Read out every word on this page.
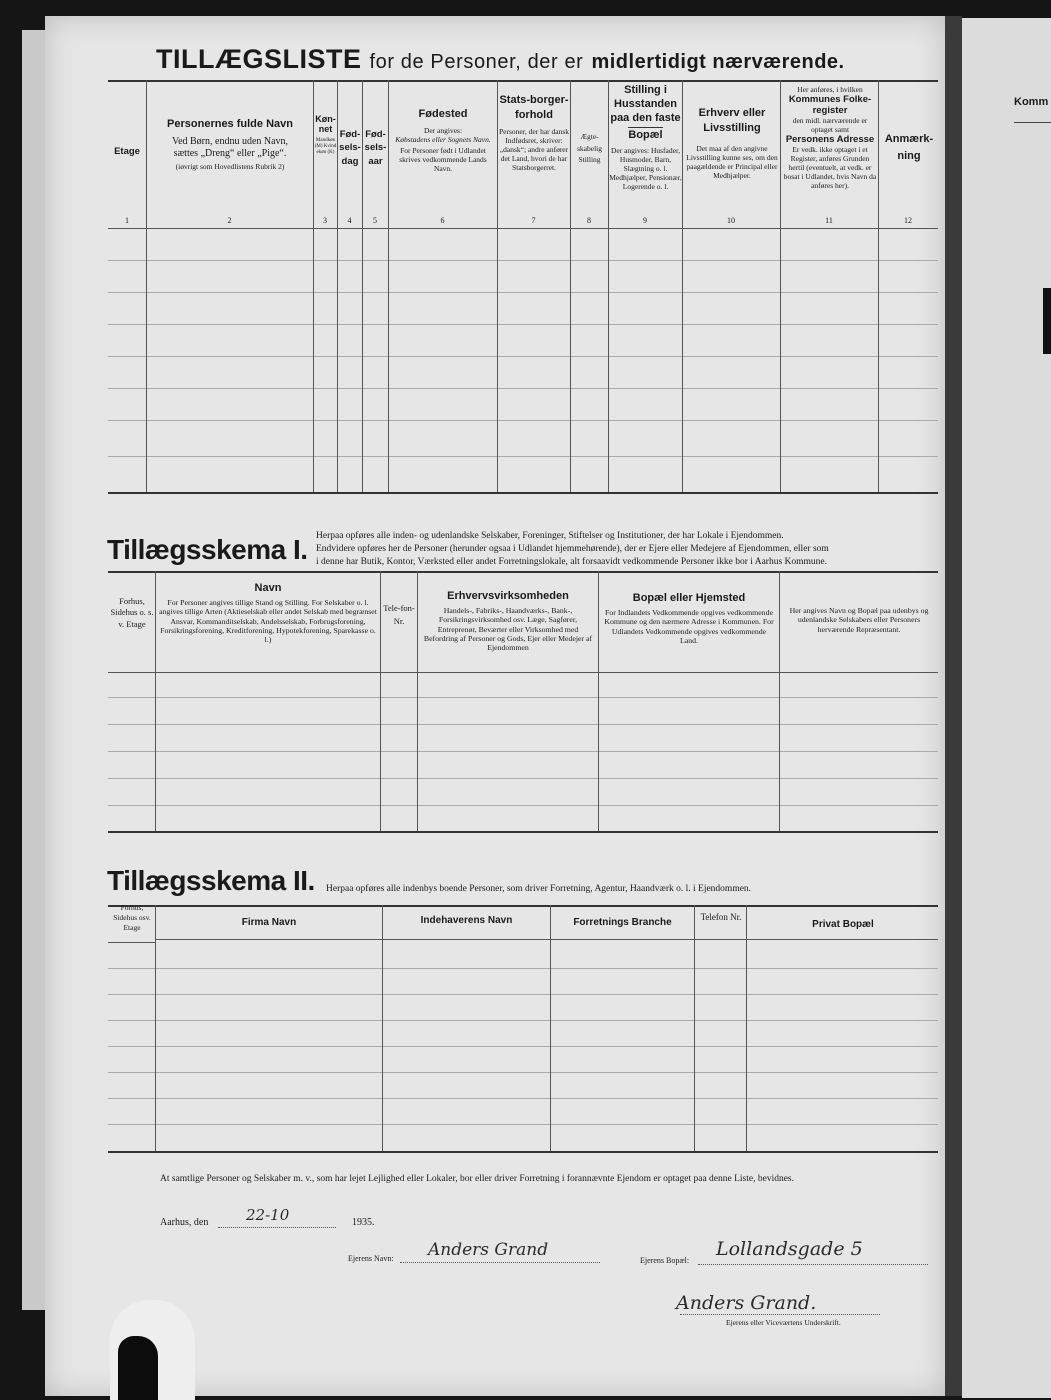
Komm
TILLÆGSLISTE for de Personer, der er midlertidigt nærværende.
Etage
Personernes fulde Navn
Ved Børn, endnu uden Navn,
sættes „Dreng“ eller „Pige“.
(iøvrigt som Hovedlistens Rubrik 2)
Køn-net
Mandkøn (M) Kvindekøn (K)
Fød-sels-dag
Fød-sels-aar
Fødested
Der angives:
Købstadens eller Sognets Navn.
For Personer født i Udlandet skrives vedkommende Lands Navn.
Stats-borger-forhold
Personer, der har dansk Indfødsret, skriver: „dansk“; andre anfører det Land, hvori de har Statsborgerret.
Ægte-skabelig Stilling
Stilling i Husstanden paa den faste
Bopæl
Der angives: Husfader, Husmoder, Barn, Slægtning o. l. Medhjælper, Pensionær, Logerende o. l.
Erhverv eller Livsstilling
Det maa af den angivne Livsstilling kunne ses, om den paagældende er Principal eller Medhjælper.
Her anføres, i hvilken
Kommunes Folke-register
den midl. nærværende er optaget samt
Personens Adresse
Er vedk. ikke optaget i et Register, anføres Grunden hertil (eventuelt, at vedk. er bosat i Udlandet, hvis Navn da anføres her).
Anmærk-ning
1	2	3	4	5	6	7	8	9	10	11	12
Tillægsskema I. Herpaa opføres alle inden- og udenlandske Selskaber, Foreninger, Stiftelser og Institutioner, der har Lokale i Ejendommen.
Endvidere opføres her de Personer (herunder ogsaa i Udlandet hjemmehørende), der er Ejere eller Medejere af Ejendommen, eller som
i denne har Butik, Kontor, Værksted eller andet Forretningslokale, alt forsaavidt vedkommende Personer ikke bor i Aarhus Kommune.
Forhus, Sidehus o. s. v. Etage
Navn
For Personer angives tillige Stand og Stilling. For Selskaber o. l. angives tillige Arten (Aktieselskab eller andet Selskab med begrænset Ansvar, Kommanditselskab, Andelsselskab, Forbrugsforening, Forsikringsforening, Kreditforening, Hypotekforening, Sparekasse o. l.)
Tele-fon-Nr.
Erhvervsvirksomheden
Handels-, Fabriks-, Haandværks-, Bank-, Forsikringsvirksomhed osv. Læge, Sagfører, Entreprenør, Beværter eller Virksomhed med Befordring af Personer og Gods, Ejer eller Medejer af Ejendommen
Bopæl eller Hjemsted
For Indlandets Vedkommende opgives vedkommende Kommune og den nærmere Adresse i Kommunen. For Udlandets Vedkommende opgives vedkommende Land.
Her angives Navn og Bopæl paa udenbys og udenlandske Selskabers eller Personers herværende Repræsentant.
Tillægsskema II. Herpaa opføres alle indenbys boende Personer, som driver Forretning, Agentur, Haandværk o. l. i Ejendommen.
Forhus, Sidehus osv. Etage	Firma Navn	Indehaverens Navn	Forretnings Branche	Telefon Nr.
Privat Bopæl
At samtlige Personer og Selskaber m. v., som har lejet Lejlighed eller Lokaler, bor eller driver Forretning i forannævnte Ejendom er optaget paa denne Liste, bevidnes.
Aarhus, den	22-10	1935.
Ejerens Navn: Anders Grand
Ejerens Bopæl:
Lollandsgade 5
Anders Grand.
Ejerens eller Viceværtens Underskrift.
